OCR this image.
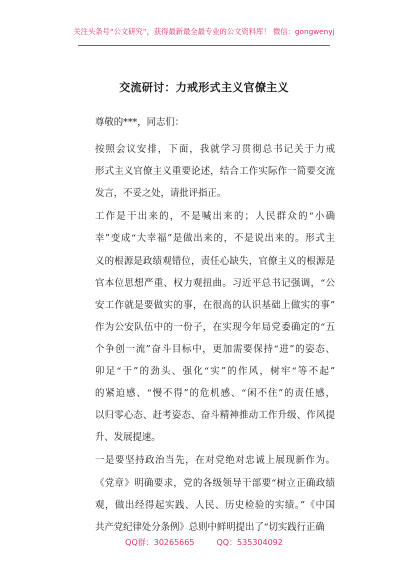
关注头条号“公文研究”，获得最新最全最专业的公文资料库！ 微信：gongwenyj
交流研讨：力戒形式主义官僚主义
尊敬的***，同志们：
按照会议安排，下面，我就学习贯彻总书记关于力戒
形式主义官僚主义重要论述，结合工作实际作一简要交流
发言，不妥之处，请批评指正。
工作是干出来的，不是喊出来的；人民群众的“小确
幸”变成“大幸福”是做出来的，不是说出来的。形式主
义的根源是政绩观错位，责任心缺失，官僚主义的根源是
官本位思想严重、权力观扭曲。习近平总书记强调，“公
安工作就是要做实的事，在很高的认识基础上做实的事”
作为公安队伍中的一份子，在实现今年局党委确定的“五
个争创一流”奋斗目标中，更加需要保持“进”的姿态、
卯足“干”的劲头、强化“实”的作风，树牢“等不起”
的紧迫感、“慢不得”的危机感、“闲不住”的责任感，
以归零心态、赶考姿态、奋斗精神推动工作升级、作风提
升、发展提速。
一是要坚持政治当先，在对党绝对忠诚上展现新作为。
《党章》明确要求，党的各级领导干部要“树立正确政绩
观，做出经得起实践、人民、历史检验的实绩。”《中国
共产党纪律处分条例》总则中鲜明提出了“切实践行正确
QQ群：30265665	QQ：535304092
